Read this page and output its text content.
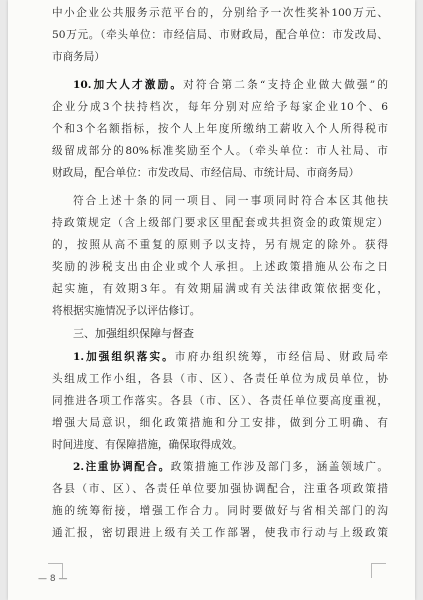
中小企业公共服务示范平台的，分别给予一次性奖补100万元、
50万元。（牵头单位：市经信局、市财政局，配合单位：市发改局、
市商务局）
10.加大人才激励。对符合第二条“支持企业做大做强”的
企业分成3个扶持档次，每年分别对应给予每家企业10个、6
个和3个名额指标，按个人上年度所缴纳工薪收入个人所得税市
级留成部分的80%标准奖励至个人。（牵头单位：市人社局、市
财政局，配合单位：市发改局、市经信局、市统计局、市商务局）
符合上述十条的同一项目、同一事项同时符合本区其他扶
持政策规定（含上级部门要求区里配套或共担资金的政策规定）
的，按照从高不重复的原则予以支持，另有规定的除外。获得
奖励的涉税支出由企业或个人承担。上述政策措施从公布之日
起实施，有效期3年。有效期届满或有关法律政策依据变化，
将根据实施情况予以评估修订。
三、加强组织保障与督查
1.加强组织落实。市府办组织统筹，市经信局、财政局牵
头组成工作小组，各县（市、区）、各责任单位为成员单位，协
同推进各项工作落实。各县（市、区）、各责任单位要高度重视，
增强大局意识，细化政策措施和分工安排，做到分工明确、有
时间进度、有保障措施，确保取得成效。
2.注重协调配合。政策措施工作涉及部门多，涵盖领域广。
各县（市、区）、各责任单位要加强协调配合，注重各项政策措
施的统筹衔接，增强工作合力。同时要做好与省相关部门的沟
通汇报，密切跟进上级有关工作部署，使我市行动与上级政策
— 8 —
